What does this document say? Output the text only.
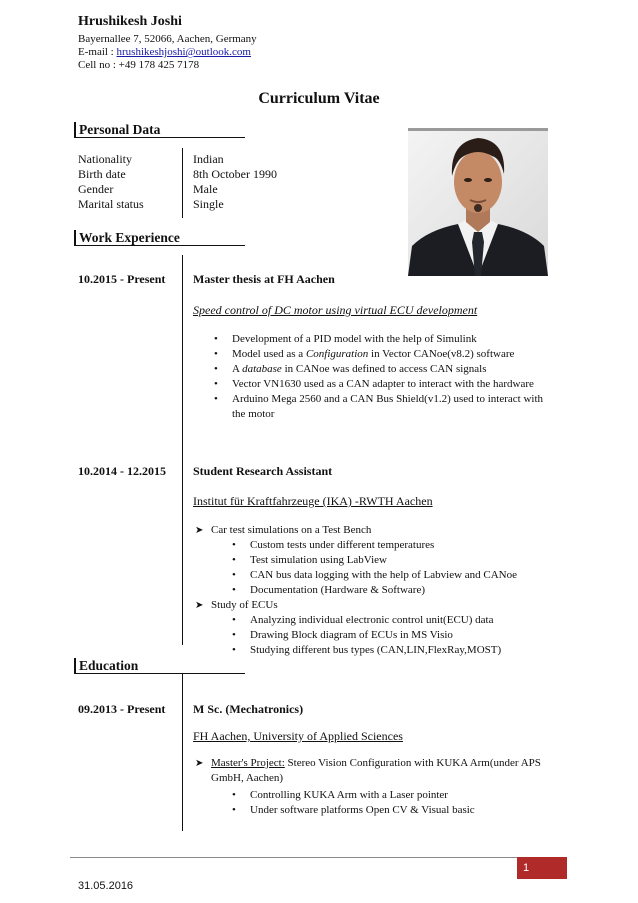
Hrushikesh Joshi
Bayernallee 7, 52066, Aachen, Germany
E-mail : hrushikeshjoshi@outlook.com
Cell no : +49 178 425 7178
Curriculum Vitae
Personal Data
Nationality	Indian
Birth date	8th October 1990
Gender	Male
Marital status	Single
Work Experience
10.2015 - Present Master thesis at FH Aachen
Speed control of DC motor using virtual ECU development
• Development of a PID model with the help of Simulink
• Model used as a Configuration in Vector CANoe(v8.2) software
• A database in CANoe was defined to access CAN signals
• Vector VN1630 used as a CAN adapter to interact with the hardware
• Arduino Mega 2560 and a CAN Bus Shield(v1.2) used to interact with the motor
10.2014 - 12.2015 Student Research Assistant
Institut für Kraftfahrzeuge (IKA) -RWTH Aachen
➤ Car test simulations on a Test Bench
• Custom tests under different temperatures
• Test simulation using LabView
• CAN bus data logging with the help of Labview and CANoe
• Documentation (Hardware & Software)
➤ Study of ECUs
• Analyzing individual electronic control unit(ECU) data
• Drawing Block diagram of ECUs in MS Visio
• Studying different bus types (CAN,LIN,FlexRay,MOST)
Education
09.2013 - Present M Sc. (Mechatronics)
FH Aachen, University of Applied Sciences
➤ Master's Project: Stereo Vision Configuration with KUKA Arm(under APS GmbH, Aachen)
• Controlling KUKA Arm with a Laser pointer
• Under software platforms Open CV & Visual basic
1
31.05.2016
